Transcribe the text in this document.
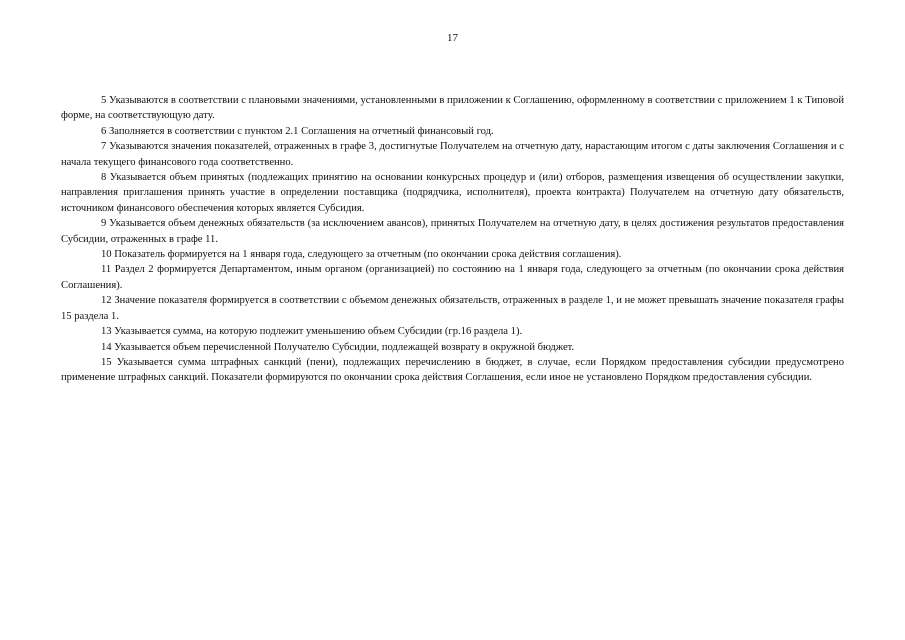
17

5 Указываются в соответствии с плановыми значениями, установленными в приложении к Соглашению, оформленному в соответствии с приложением 1 к Типовой форме, на соответствующую дату.

6 Заполняется в соответствии с пунктом 2.1 Соглашения на отчетный финансовый год.

7 Указываются значения показателей, отраженных в графе 3, достигнутые Получателем на отчетную дату, нарастающим итогом с даты заключения Соглашения и с начала текущего финансового года соответственно.

8 Указывается объем принятых (подлежащих принятию на основании конкурсных процедур и (или) отборов, размещения извещения об осуществлении закупки, направления приглашения принять участие в определении поставщика (подрядчика, исполнителя), проекта контракта) Получателем на отчетную дату обязательств, источником финансового обеспечения которых является Субсидия.

9 Указывается объем денежных обязательств (за исключением авансов), принятых Получателем на отчетную дату, в целях достижения результатов предоставления Субсидии, отраженных в графе 11.

10 Показатель формируется на 1 января года, следующего за отчетным (по окончании срока действия соглашения).

11 Раздел 2 формируется Департаментом, иным органом (организацией) по состоянию на 1 января года, следующего за отчетным (по окончании срока действия Соглашения).

12 Значение показателя формируется в соответствии с объемом денежных обязательств, отраженных в разделе 1, и не может превышать значение показателя графы 15 раздела 1.

13 Указывается сумма, на которую подлежит уменьшению объем Субсидии (гр.16 раздела 1).

14 Указывается объем перечисленной Получателю Субсидии, подлежащей возврату в окружной бюджет.

15 Указывается сумма штрафных санкций (пени), подлежащих перечислению в бюджет, в случае, если Порядком предоставления субсидии предусмотрено применение штрафных санкций. Показатели формируются по окончании срока действия Соглашения, если иное не установлено Порядком предоставления субсидии.
